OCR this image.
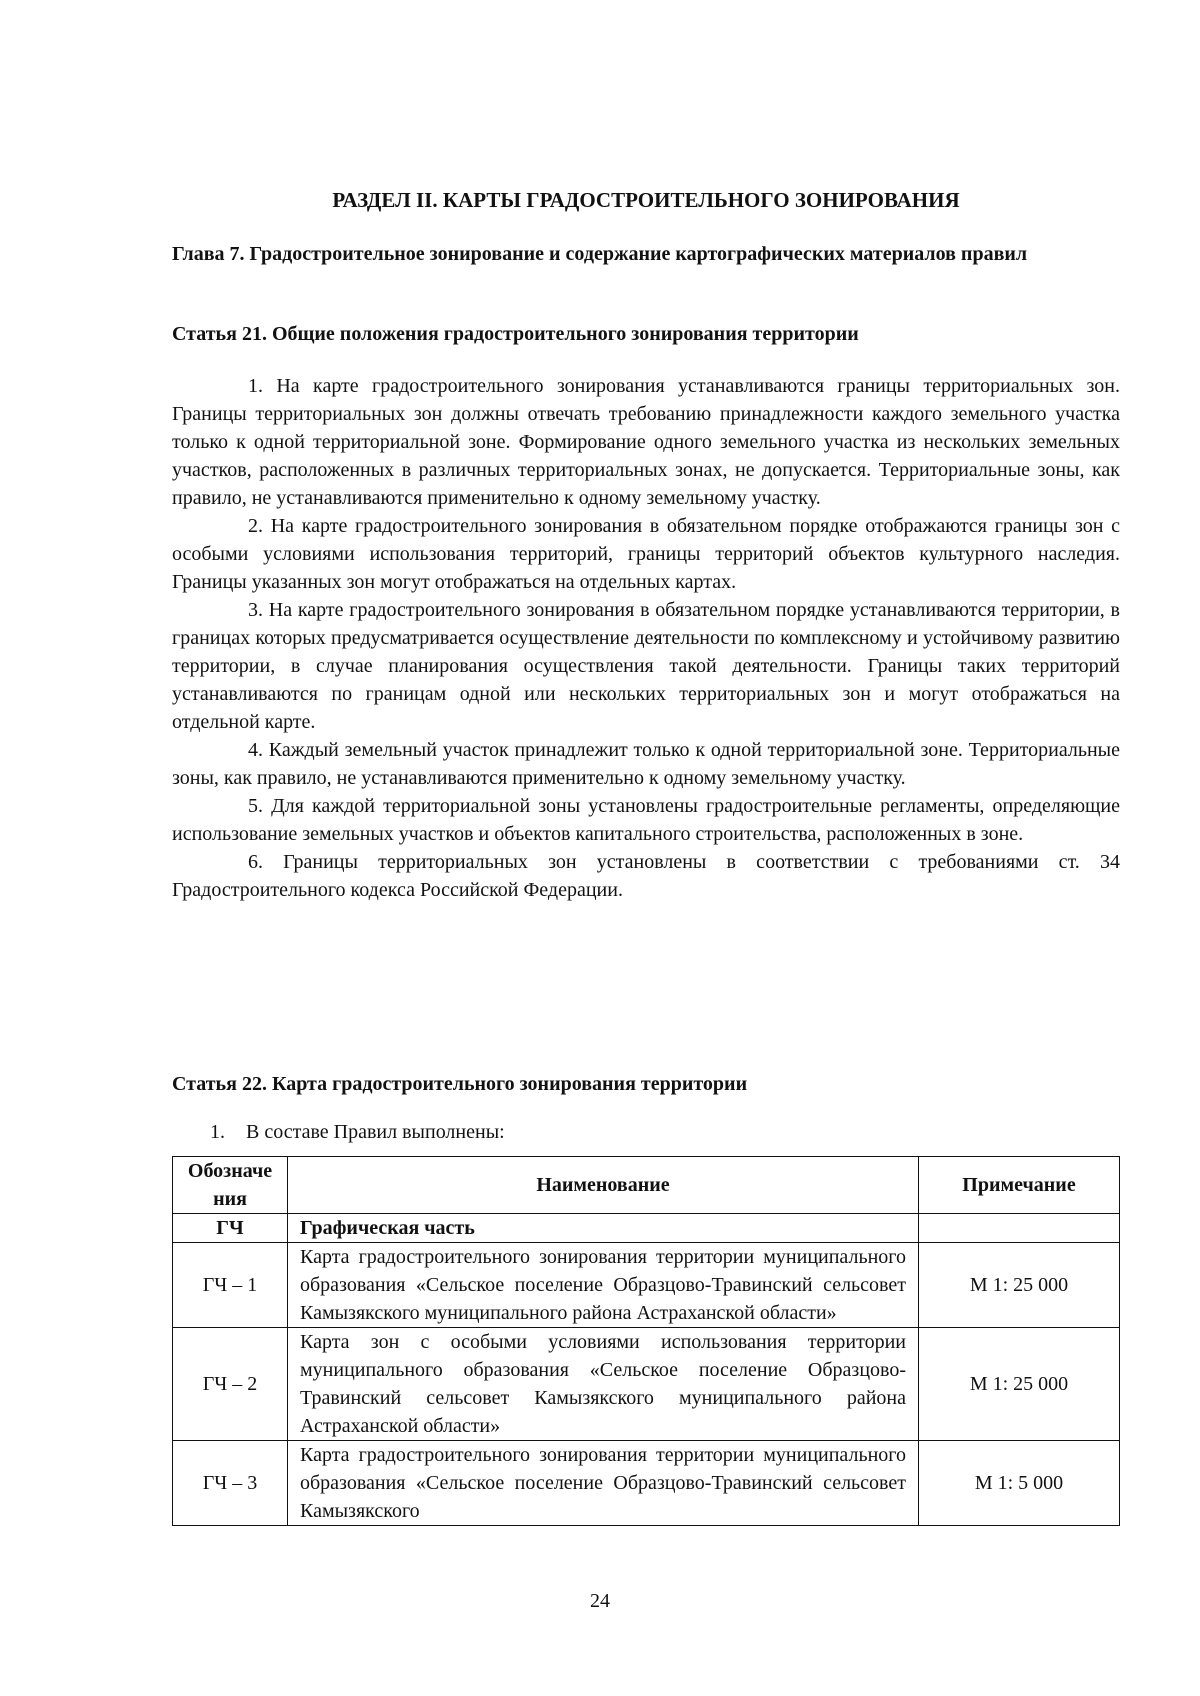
РАЗДЕЛ II. КАРТЫ ГРАДОСТРОИТЕЛЬНОГО ЗОНИРОВАНИЯ
Глава 7. Градостроительное зонирование и содержание картографических материалов правил
Статья 21. Общие положения градостроительного зонирования территории

1. На карте градостроительного зонирования устанавливаются границы территориальных зон. Границы территориальных зон должны отвечать требованию принадлежности каждого земельного участка только к одной территориальной зоне. Формирование одного земельного участка из нескольких земельных участков, расположенных в различных территориальных зонах, не допускается. Территориальные зоны, как правило, не устанавливаются применительно к одному земельному участку.

2. На карте градостроительного зонирования в обязательном порядке отображаются границы зон с особыми условиями использования территорий, границы территорий объектов культурного наследия. Границы указанных зон могут отображаться на отдельных картах.

3. На карте градостроительного зонирования в обязательном порядке устанавливаются территории, в границах которых предусматривается осуществление деятельности по комплексному и устойчивому развитию территории, в случае планирования осуществления такой деятельности. Границы таких территорий устанавливаются по границам одной или нескольких территориальных зон и могут отображаться на отдельной карте.

4. Каждый земельный участок принадлежит только к одной территориальной зоне. Территориальные зоны, как правило, не устанавливаются применительно к одному земельному участку.

5. Для каждой территориальной зоны установлены градостроительные регламенты, определяющие использование земельных участков и объектов капитального строительства, расположенных в зоне.

6. Границы территориальных зон установлены в соответствии с требованиями ст. 34 Градостроительного кодекса Российской Федерации.

Статья 22. Карта градостроительного зонирования территории
1. В составе Правил выполнены:
Обозначе ния	Наименование	Примечание
ГЧ	Графическая часть	
ГЧ – 1	Карта градостроительного зонирования территории муниципального образования «Сельское поселение Образцово-Травинский сельсовет Камызякского муниципального района Астраханской области»	М 1: 25 000
ГЧ – 2	Карта зон с особыми условиями использования территории муниципального образования «Сельское поселение Образцово-Травинский сельсовет Камызякского муниципального района Астраханской области»	М 1: 25 000
ГЧ – 3	Карта градостроительного зонирования территории муниципального образования «Сельское поселение Образцово-Травинский сельсовет Камызякского	М 1: 5 000
24
